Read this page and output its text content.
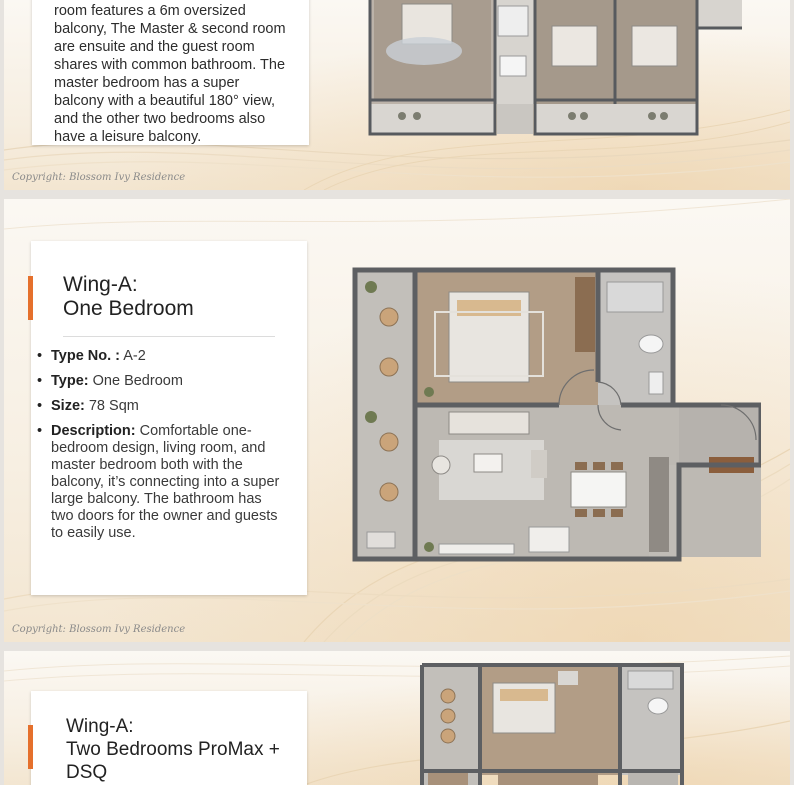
room features a 6m oversized
balcony, The Master & second room
are ensuite and the guest room
shares with common bathroom. The
master bedroom has a super
balcony with a beautiful 180° view,
and the other two bedrooms also
have a leisure balcony.
Copyright: Blossom Ivy Residence
Wing-A:
One Bedroom
• Type No. : A-2
• Type: One Bedroom
• Size: 78 Sqm
• Description: Comfortable one-bedroom design, living room, and master bedroom both with the balcony, it’s connecting into a super large balcony. The bathroom has two doors for the owner and guests to easily use.
Copyright: Blossom Ivy Residence
Wing-A:
Two Bedrooms ProMax +
DSQ
